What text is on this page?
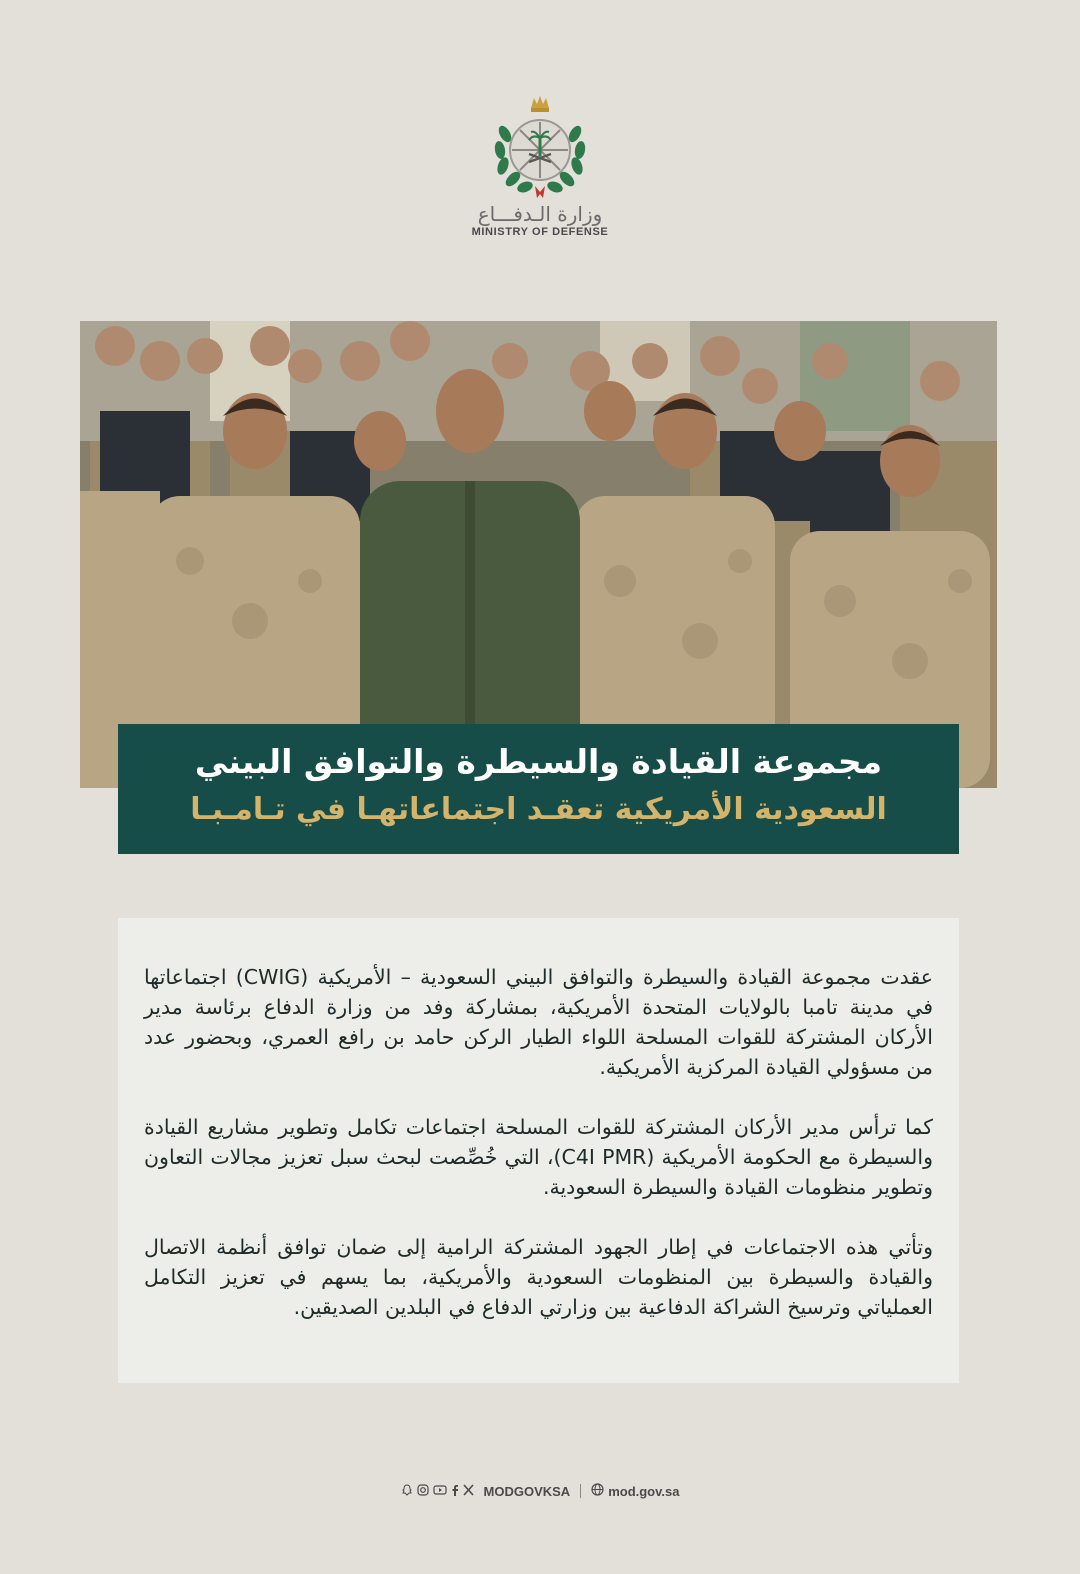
وزارة الـدفـــاع
MINISTRY OF DEFENSE
مجموعة القيادة والسيطرة والتوافق البيني
السعودية الأمريكية تعقـد اجتماعاتهـا في تـامـبـا

عقدت مجموعة القيادة والسيطرة والتوافق البيني السعودية – الأمريكية (CWIG) اجتماعاتها في مدينة تامبا بالولايات المتحدة الأمريكية، بمشاركة وفد من وزارة الدفاع برئاسة مدير الأركان المشتركة للقوات المسلحة اللواء الطيار الركن حامد بن رافع العمري، وبحضور عدد من مسؤولي القيادة المركزية الأمريكية.

كما ترأس مدير الأركان المشتركة للقوات المسلحة اجتماعات تكامل وتطوير مشاريع القيادة والسيطرة مع الحكومة الأمريكية (C4I PMR)، التي خُصِّصت لبحث سبل تعزيز مجالات التعاون وتطوير منظومات القيادة والسيطرة السعودية.

وتأتي هذه الاجتماعات في إطار الجهود المشتركة الرامية إلى ضمان توافق أنظمة الاتصال والقيادة والسيطرة بين المنظومات السعودية والأمريكية، بما يسهم في تعزيز التكامل العملياتي وترسيخ الشراكة الدفاعية بين وزارتي الدفاع في البلدين الصديقين.

MODGOVKSA	mod.gov.sa
